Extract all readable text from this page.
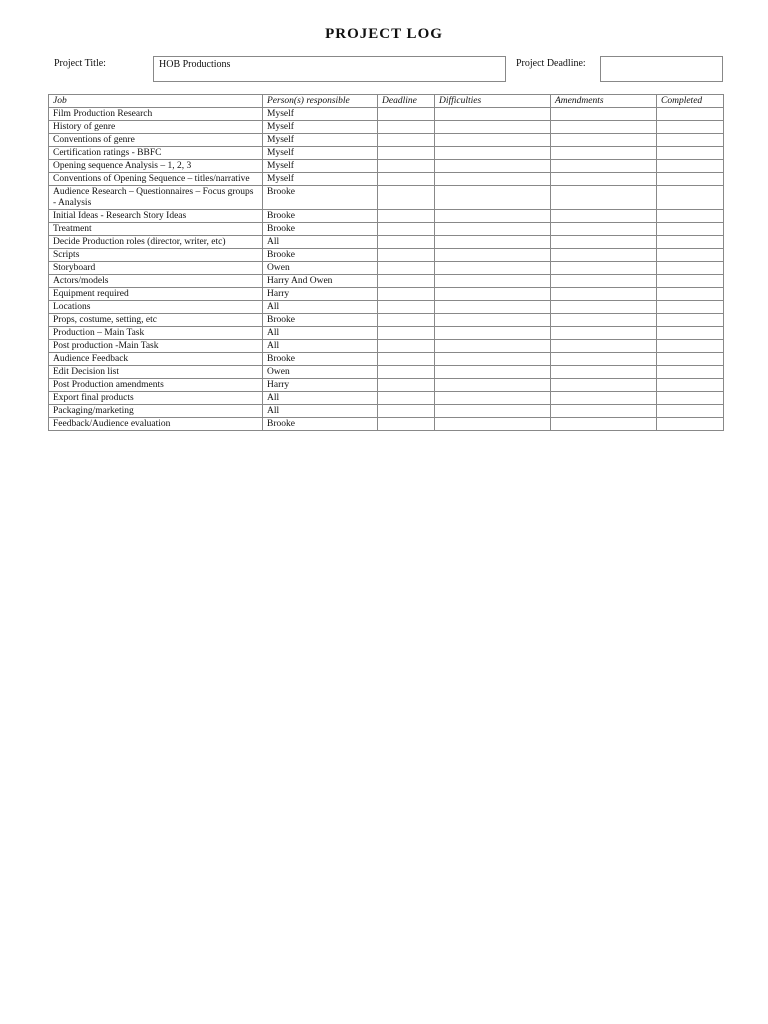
PROJECT LOG
Project Title:	HOB Productions	Project Deadline:
Job	Person(s) responsible	Deadline	Difficulties	Amendments	Completed
Film Production Research	Myself				
History of genre	Myself				
Conventions of genre	Myself				
Certification ratings - BBFC	Myself				
Opening sequence Analysis – 1, 2, 3	Myself				
Conventions of Opening Sequence – titles/narrative	Myself				
Audience Research – Questionnaires – Focus groups - Analysis	Brooke				
Initial Ideas - Research Story Ideas	Brooke				
Treatment	Brooke				
Decide Production roles (director, writer, etc)	All				
Scripts	Brooke				
Storyboard	Owen				
Actors/models	Harry And Owen				
Equipment required	Harry				
Locations	All				
Props, costume, setting, etc	Brooke				
Production – Main Task	All				
Post production -Main Task	All				
Audience Feedback	Brooke				
Edit Decision list	Owen				
Post Production amendments	Harry				
Export final products	All				
Packaging/marketing	All				
Feedback/Audience evaluation	Brooke				
